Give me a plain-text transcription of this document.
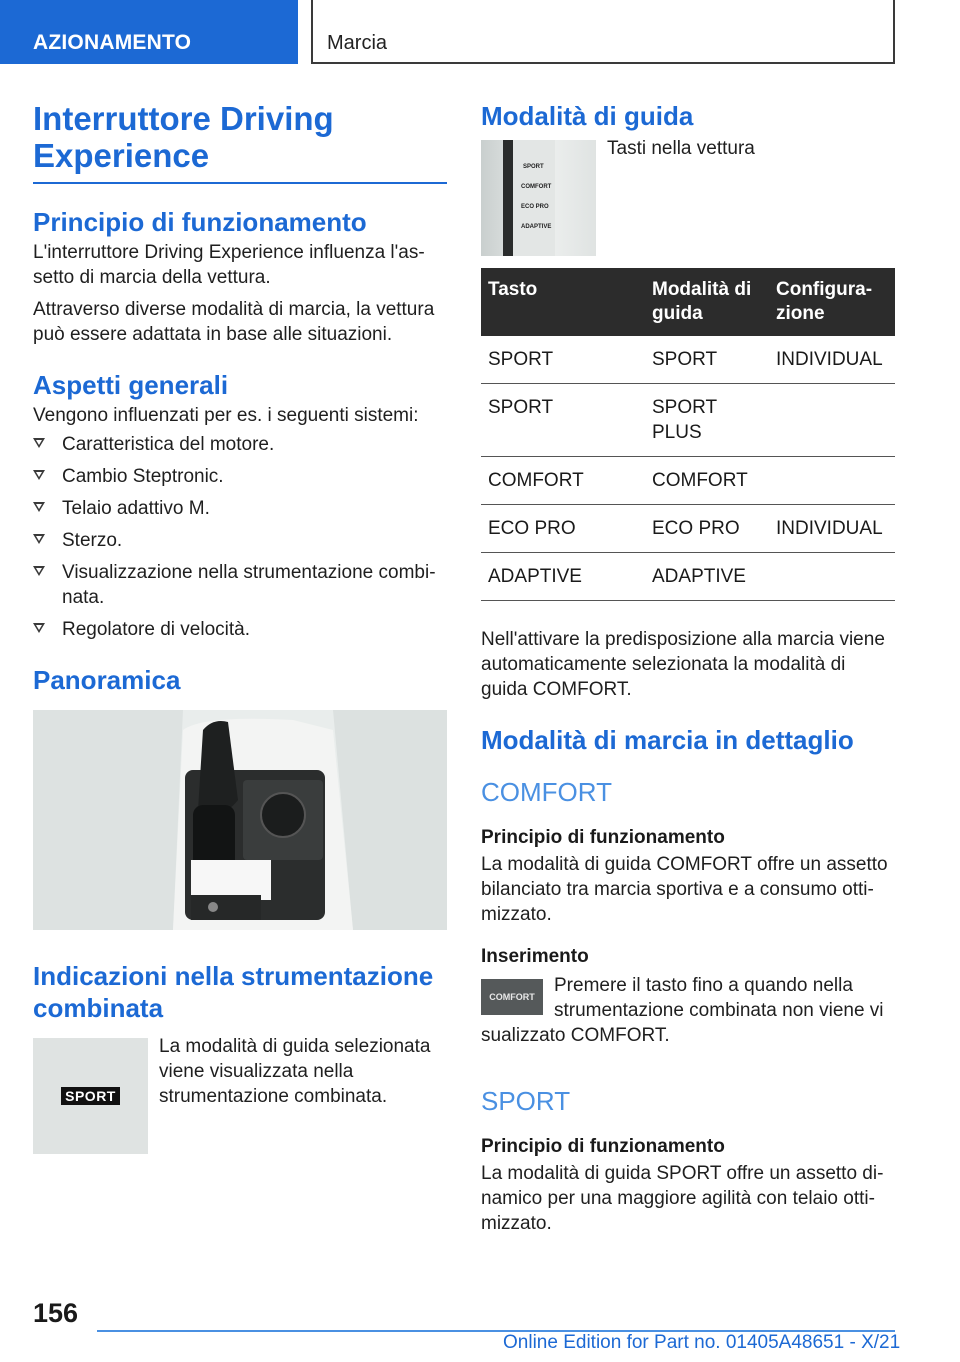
AZIONAMENTO	Marcia
Interruttore Driving Experience
Principio di funzionamento

L'interruttore Driving Experience influenza l'assetto di marcia della vettura.

Attraverso diverse modalità di marcia, la vettura può essere adattata in base alle situazioni.

Aspetti generali

Vengono influenzati per es. i seguenti sistemi:

Caratteristica del motore.
Cambio Steptronic.
Telaio adattivo M.
Sterzo.
Visualizzazione nella strumentazione combinata.
Regolatore di velocità.
Panoramica
Indicazioni nella strumentazione combinata
SPORT

La modalità di guida selezionata viene visualizzata nella strumentazione combinata.

Modalità di guida
SPORT
COMFORT
ECO PRO
ADAPTIVE

Tasti nella vettura

Tasto	Modalità di guida	Configurazione
SPORT	SPORT	INDIVIDUAL
SPORT	SPORT PLUS	
COMFORT	COMFORT	
ECO PRO	ECO PRO	INDIVIDUAL
ADAPTIVE	ADAPTIVE	

Nell'attivare la predisposizione alla marcia viene automaticamente selezionata la modalità di guida COMFORT.

Modalità di marcia in dettaglio
COMFORT
Principio di funzionamento

La modalità di guida COMFORT offre un assetto bilanciato tra marcia sportiva e a consumo ottimizzato.

Inserimento
COMFORT

Premere il tasto fino a quando nella strumentazione combinata non viene vi

sualizzato COMFORT.

SPORT
Principio di funzionamento

La modalità di guida SPORT offre un assetto dinamico per una maggiore agilità con telaio ottimizzato.

156
Online Edition for Part no. 01405A48651 - X/21
